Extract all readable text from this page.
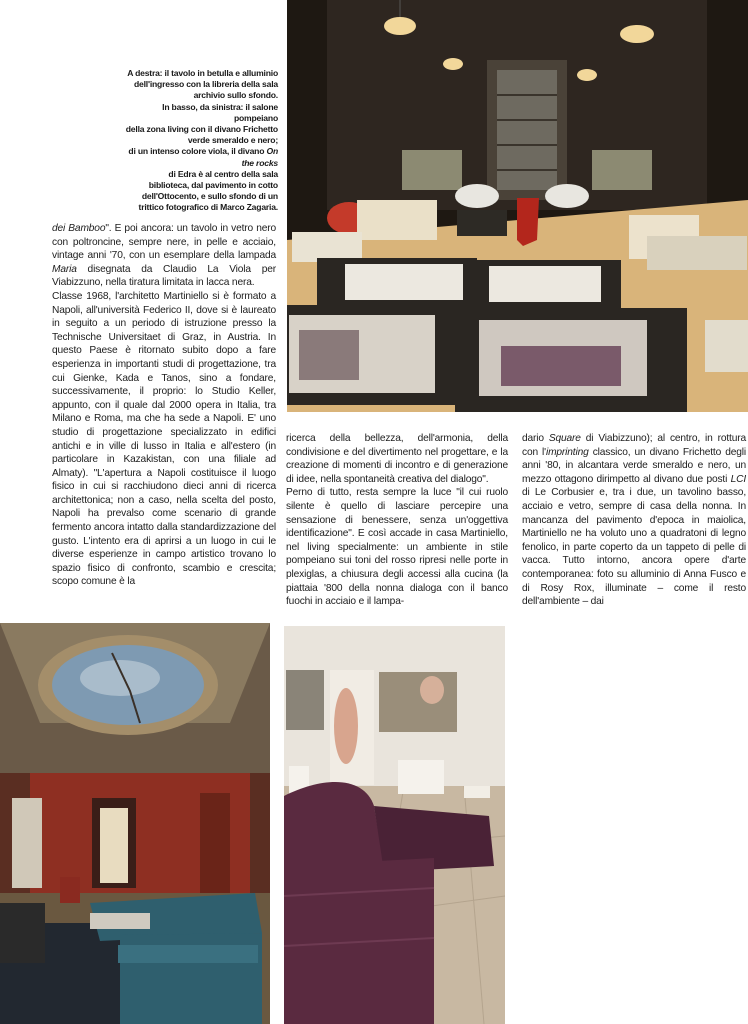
A destra: il tavolo in betulla e alluminio

dell'ingresso con la libreria della sala

archivio sullo sfondo.

In basso, da sinistra: il salone pompeiano

della zona living con il divano Frichetto

verde smeraldo e nero;

di un intenso colore viola, il divano On the rocks

di Edra è al centro della sala

biblioteca, dal pavimento in cotto

dell'Ottocento, e sullo sfondo di un

trittico fotografico di Marco Zagaria.

dei Bamboo". E poi ancora: un tavolo in vetro nero con poltroncine, sempre nere, in pelle e acciaio, vintage anni '70, con un esemplare della lampada Maria disegnata da Claudio La Viola per Viabizzuno, nella tiratura limitata in lacca nera.

Classe 1968, l'architetto Martiniello si è formato a Napoli, all'università Federico II, dove si è laureato in seguito a un periodo di istruzione presso la Technische Universitaet di Graz, in Austria. In questo Paese è ritornato subito dopo a fare esperienza in importanti studi di progettazione, tra cui Gienke, Kada e Tanos, sino a fondare, successivamente, il proprio: lo Studio Keller, appunto, con il quale dal 2000 opera in Italia, tra Milano e Roma, ma che ha sede a Napoli. E' uno studio di progettazione specializzato in edifici antichi e in ville di lusso in Italia e all'estero (in particolare in Kazakistan, con una filiale ad Almaty). "L'apertura a Napoli costituisce il luogo fisico in cui si racchiudono dieci anni di ricerca architettonica; non a caso, nella scelta del posto, Napoli ha prevalso come scenario di grande fermento ancora intatto dalla standardizzazione del gusto. L'intento era di aprirsi a un luogo in cui le diverse esperienze in campo artistico trovano lo spazio fisico di confronto, scambio e crescita; scopo comune è la

ricerca della bellezza, dell'armonia, della condivisione e del divertimento nel progettare, e la creazione di momenti di incontro e di generazione di idee, nella spontaneità creativa del dialogo".

Perno di tutto, resta sempre la luce "il cui ruolo silente è quello di lasciare percepire una sensazione di benessere, senza un'oggettiva identificazione". E così accade in casa Martiniello, nel living specialmente: un ambiente in stile pompeiano sui toni del rosso ripresi nelle porte in plexiglas, a chiusura degli accessi alla cucina (la piattaia '800 della nonna dialoga con il banco fuochi in acciaio e il lampa-

dario Square di Viabizzuno); al centro, in rottura con l'imprinting classico, un divano Frichetto degli anni '80, in alcantara verde smeraldo e nero, un mezzo ottagono dirimpetto al divano due posti LCI di Le Corbusier e, tra i due, un tavolino basso, acciaio e vetro, sempre di casa della nonna. In mancanza del pavimento d'epoca in maiolica, Martiniello ne ha voluto uno a quadratoni di legno fenolico, in parte coperto da un tappeto di pelle di vacca. Tutto intorno, ancora opere d'arte contemporanea: foto su alluminio di Anna Fusco e di Rosy Rox, illuminate – come il resto dell'ambiente – dai
